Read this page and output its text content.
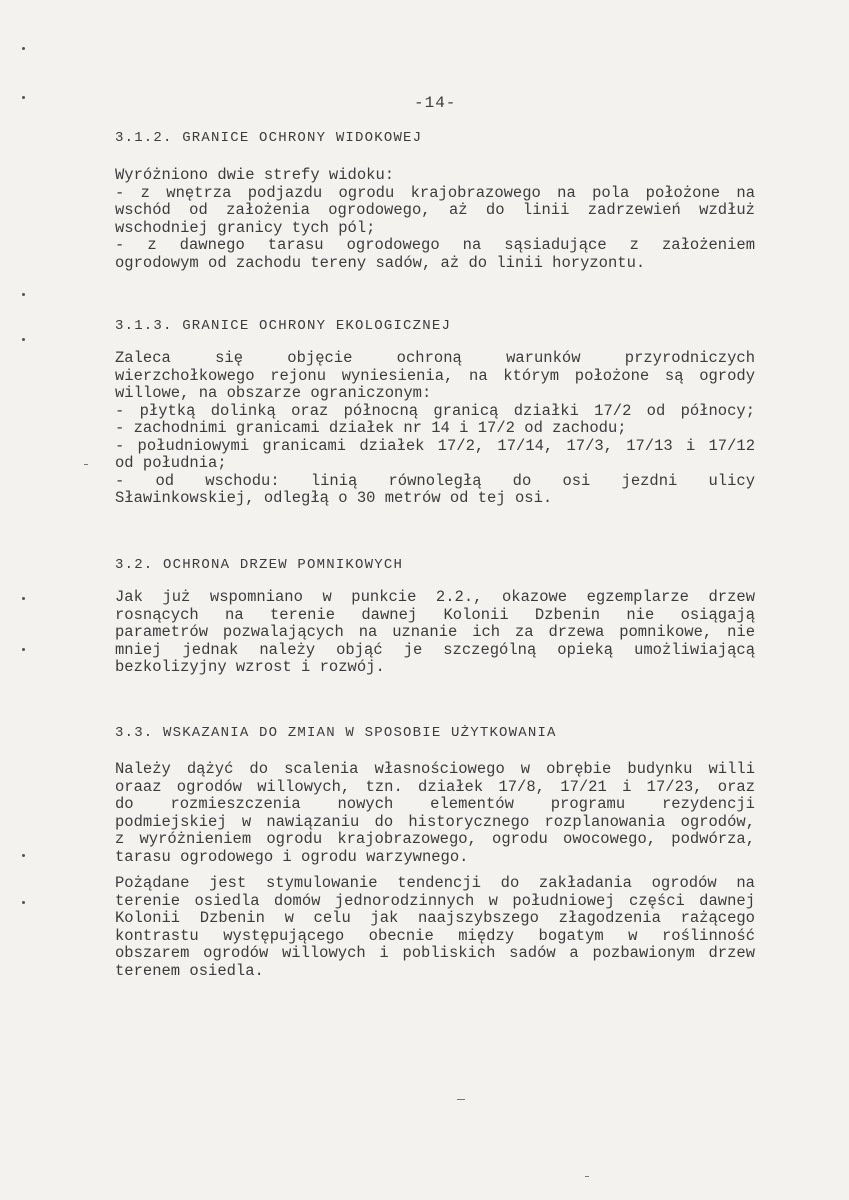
-14-
3.1.2. GRANICE OCHRONY WIDOKOWEJ
Wyróżniono dwie strefy widoku:
- z wnętrza podjazdu ogrodu krajobrazowego na pola położone na
wschód od założenia ogrodowego, aż do linii zadrzewień wzdłuż
wschodniej granicy tych pól;
- z dawnego tarasu ogrodowego na sąsiadujące z założeniem
ogrodowym od zachodu tereny sadów, aż do linii horyzontu.
3.1.3. GRANICE OCHRONY EKOLOGICZNEJ
Zaleca się objęcie ochroną warunków przyrodniczych
wierzchołkowego rejonu wyniesienia, na którym położone są ogrody
willowe, na obszarze ograniczonym:
- płytką dolinką oraz północną granicą działki 17/2 od północy;
- zachodnimi granicami działek nr 14 i 17/2 od zachodu;
- południowymi granicami działek 17/2, 17/14, 17/3, 17/13 i 17/12
od południa;
- od wschodu: linią równoległą do osi jezdni ulicy
Sławinkowskiej, odległą o 30 metrów od tej osi.
3.2. OCHRONA DRZEW POMNIKOWYCH
Jak już wspomniano w punkcie 2.2., okazowe egzemplarze drzew
rosnących na terenie dawnej Kolonii Dzbenin nie osiągają
parametrów pozwalających na uznanie ich za drzewa pomnikowe, nie
mniej jednak należy objąć je szczególną opieką umożliwiającą
bezkolizyjny wzrost i rozwój.
3.3. WSKAZANIA DO ZMIAN W SPOSOBIE UŻYTKOWANIA
Należy dążyć do scalenia własnościowego w obrębie budynku willi
oraaz ogrodów willowych, tzn. działek 17/8, 17/21 i 17/23, oraz
do rozmieszczenia nowych elementów programu rezydencji
podmiejskiej w nawiązaniu do historycznego rozplanowania ogrodów,
z wyróżnieniem ogrodu krajobrazowego, ogrodu owocowego, podwórza,
tarasu ogrodowego i ogrodu warzywnego.
Pożądane jest stymulowanie tendencji do zakładania ogrodów na
terenie osiedla domów jednorodzinnych w południowej części dawnej
Kolonii Dzbenin w celu jak naajszybszego złagodzenia rażącego
kontrastu występującego obecnie między bogatym w roślinność
obszarem ogrodów willowych i pobliskich sadów a pozbawionym drzew
terenem osiedla.
